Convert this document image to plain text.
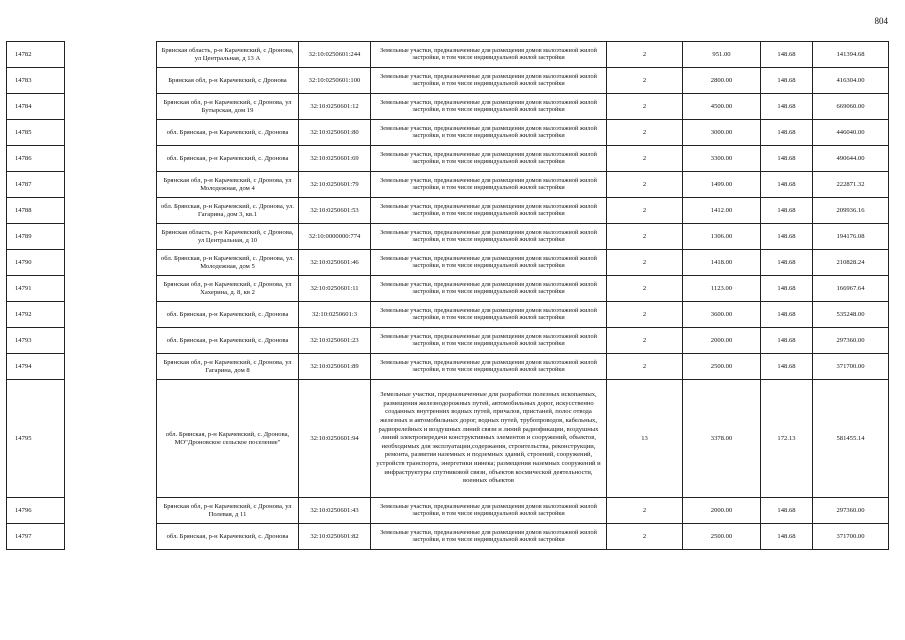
804
14782		Брянская область, р-н Карачевский, с Дронова, ул Центральная, д 13 А	32:10:0250601:244	Земельные участки, предназначенные для размещения домов малоэтажной жилой застройки, в том числе индивидуальной жилой застройки	2	951.00	148.68	141394.68
14783		Брянская обл, р-н Карачевский, с Дронова	32:10:0250601:100	Земельные участки, предназначенные для размещения домов малоэтажной жилой застройки, в том числе индивидуальной жилой застройки	2	2800.00	148.68	416304.00
14784		Брянская обл, р-н Карачевский, с Дронова, ул Бутырская, дом 19	32:10:0250601:12	Земельные участки, предназначенные для размещения домов малоэтажной жилой застройки, в том числе индивидуальной жилой застройки	2	4500.00	148.68	669060.00
14785		обл. Брянская, р-н Карачевский, с. Дронова	32:10:0250601:80	Земельные участки, предназначенные для размещения домов малоэтажной жилой застройки, в том числе индивидуальной жилой застройки	2	3000.00	148.68	446040.00
14786		обл. Брянская, р-н Карачевский, с. Дронова	32:10:0250601:69	Земельные участки, предназначенные для размещения домов малоэтажной жилой застройки, в том числе индивидуальной жилой застройки	2	3300.00	148.68	490644.00
14787		Брянская обл, р-н Карачевский, с Дронова, ул Молодежная, дом 4	32:10:0250601:79	Земельные участки, предназначенные для размещения домов малоэтажной жилой застройки, в том числе индивидуальной жилой застройки	2	1499.00	148.68	222871.32
14788		обл. Брянская, р-н Карачевский, с. Дронова, ул. Гагарина, дом 3, кв.1	32:10:0250601:53	Земельные участки, предназначенные для размещения домов малоэтажной жилой застройки, в том числе индивидуальной жилой застройки	2	1412.00	148.68	209936.16
14789		Брянская область, р-н Карачевский, с Дронова, ул Центральная, д 10	32:10:0000000:774	Земельные участки, предназначенные для размещения домов малоэтажной жилой застройки, в том числе индивидуальной жилой застройки	2	1306.00	148.68	194176.08
14790		обл. Брянская, р-н Карачевский, с. Дронова, ул. Молодежная, дом 5	32:10:0250601:46	Земельные участки, предназначенные для размещения домов малоэтажной жилой застройки, в том числе индивидуальной жилой застройки	2	1418.00	148.68	210828.24
14791		Брянская обл, р-н Карачевский, с Дронова, ул Хахерина, д. 8, кв 2	32:10:0250601:11	Земельные участки, предназначенные для размещения домов малоэтажной жилой застройки, в том числе индивидуальной жилой застройки	2	1123.00	148.68	166967.64
14792		обл. Брянская, р-н Карачевский, с. Дронова	32:10:0250601:3	Земельные участки, предназначенные для размещения домов малоэтажной жилой застройки, в том числе индивидуальной жилой застройки	2	3600.00	148.68	535248.00
14793		обл. Брянская, р-н Карачевский, с. Дронова	32:10:0250601:23	Земельные участки, предназначенные для размещения домов малоэтажной жилой застройки, в том числе индивидуальной жилой застройки	2	2000.00	148.68	297360.00
14794		Брянская обл, р-н Карачевский, с Дронова, ул Гагарина, дом 8	32:10:0250601:89	Земельные участки, предназначенные для размещения домов малоэтажной жилой застройки, в том числе индивидуальной жилой застройки	2	2500.00	148.68	371700.00
14795		обл. Брянская, р-н Карачевский, с. Дронова, МО"Дроновское сельское поселение"	32:10:0250601:94	Земельные участки, предназначенные для разработки полезных ископаемых, размещения железнодорожных путей, автомобильных дорог, искусственно созданных внутренних водных путей, причалов, пристаней, полос отвода железных и автомобильных дорог, водных путей, трубопроводов, кабельных, радиорелейных и воздушных линий связи и линий радиофикации, воздушных линий электропередачи конструктивных элементов и сооружений, объектов, необходимых для эксплуатации,содержания, строительства, реконструкции, ремонта, развития наземных и подземных зданий, строений, сооружений, устройств транспорта, энергетики иинека; размещения наземных сооружений и инфраструктуры спутниковой связи, объектов космической деятельности, военных объектов	13	3378.00	172.13	581455.14
14796		Брянская обл, р-н Карачевский, с Дронова, ул Полевая, д 11	32:10:0250601:43	Земельные участки, предназначенные для размещения домов малоэтажной жилой застройки, в том числе индивидуальной жилой застройки	2	2000.00	148.68	297360.00
14797		обл. Брянская, р-н Карачевский, с. Дронова	32:10:0250601:82	Земельные участки, предназначенные для размещения домов малоэтажной жилой застройки, в том числе индивидуальной жилой застройки	2	2500.00	148.68	371700.00
